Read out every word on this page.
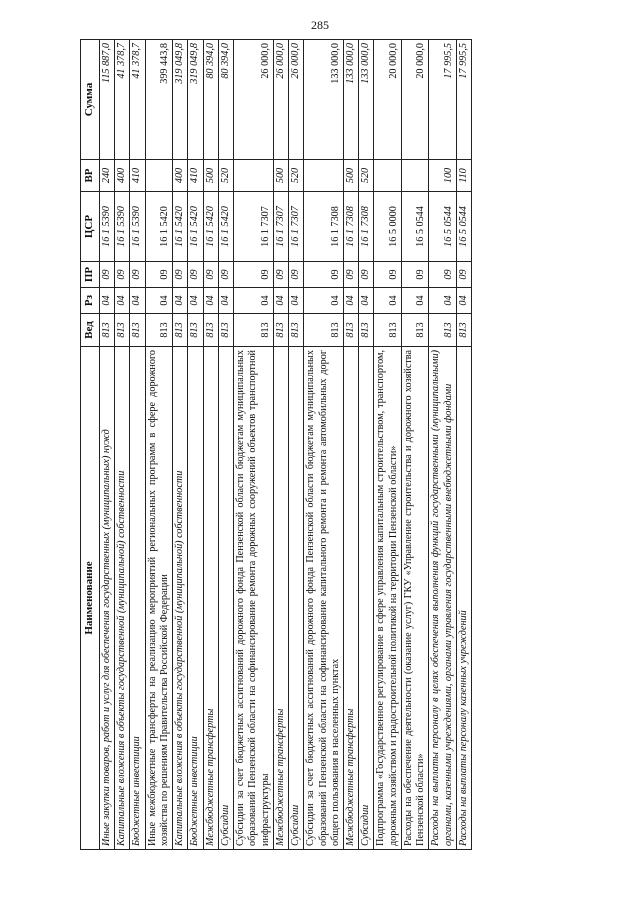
285
Наименование	Вед	Рз	ПР	ЦСР	ВР	Сумма
Иные закупки товаров, работ и услуг для обеспечения государственных (муниципальных) нужд	813	04	09	16 1 5390	240	115 887,0
Капитальные вложения в объекты государственной (муниципальной) собственности	813	04	09	16 1 5390	400	41 378,7
Бюджетные инвестиции	813	04	09	16 1 5390	410	41 378,7
Иные межбюджетные трансферты на реализацию мероприятий региональных программ в сфере дорожного хозяйства по решениям Правительства Российской Федерации	813	04	09	16 1 5420		399 443,8
Капитальные вложения в объекты государственной (муниципальной) собственности	813	04	09	16 1 5420	400	319 049,8
Бюджетные инвестиции	813	04	09	16 1 5420	410	319 049,8
Межбюджетные трансферты	813	04	09	16 1 5420	500	80 394,0
Субсидии	813	04	09	16 1 5420	520	80 394,0
Субсидии за счет бюджетных ассигнований дорожного фонда Пензенской области бюджетам муниципальных образований Пензенской области на софинансирование ремонта дорожных сооружений объектов транспортной инфраструктуры	813	04	09	16 1 7307		26 000,0
Межбюджетные трансферты	813	04	09	16 1 7307	500	26 000,0
Субсидии	813	04	09	16 1 7307	520	26 000,0
Субсидии за счет бюджетных ассигнований дорожного фонда Пензенской области бюджетам муниципальных образований Пензенской области на софинансирование капитального ремонта и ремонта автомобильных дорог общего пользования в населенных пунктах	813	04	09	16 1 7308		133 000,0
Межбюджетные трансферты	813	04	09	16 1 7308	500	133 000,0
Субсидии	813	04	09	16 1 7308	520	133 000,0
Подпрограмма «Государственное регулирование в сфере управления капитальным строительством, транспортом, дорожным хозяйством и градостроительной политикой на территории Пензенской области»	813	04	09	16 5 0000		20 000,0
Расходы на обеспечение деятельности (оказание услуг) ГКУ «Управление строительства и дорожного хозяйства Пензенской области»	813	04	09	16 5 0544		20 000,0
Расходы на выплаты персоналу в целях обеспечения выполнения функций государственными (муниципальными) органами, казенными учреждениями, органами управления государственными внебюджетными фондами	813	04	09	16 5 0544	100	17 995,5
Расходы на выплаты персоналу казенных учреждений	813	04	09	16 5 0544	110	17 995,5
